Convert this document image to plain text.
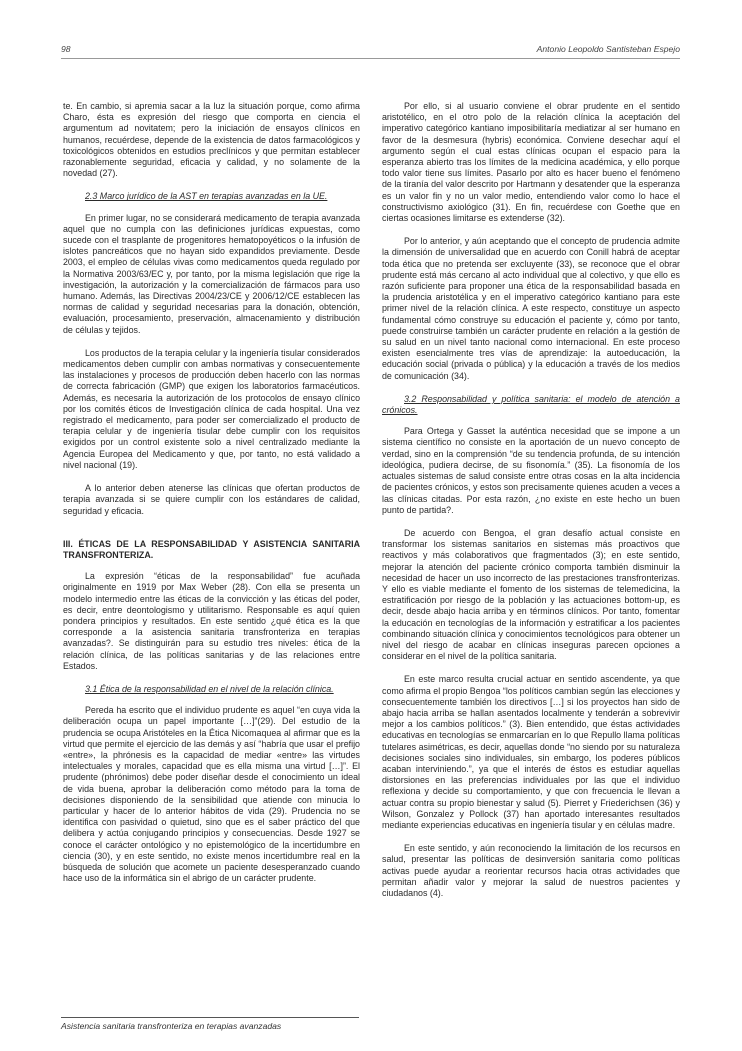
98	Antonio Leopoldo Santisteban Espejo

te. En cambio, si apremia sacar a la luz la situación porque, como afirma Charo, ésta es expresión del riesgo que comporta en ciencia el argumentum ad novitatem; pero la iniciación de ensayos clínicos en humanos, recuérdese, depende de la existencia de datos farmacológicos y toxicológicos obtenidos en estudios preclínicos y que permitan establecer razonablemente seguridad, eficacia y calidad, y no solamente de la novedad (27).

2.3 Marco jurídico de la AST en terapias avanzadas en la UE.

En primer lugar, no se considerará medicamento de terapia avanzada aquel que no cumpla con las definiciones jurídicas expuestas, como sucede con el trasplante de progenitores hematopoyéticos o la infusión de islotes pancreáticos que no hayan sido expandidos previamente. Desde 2003, el empleo de células vivas como medicamentos queda regulado por la Normativa 2003/63/EC y, por tanto, por la misma legislación que rige la investigación, la autorización y la comercialización de fármacos para uso humano. Además, las Directivas 2004/23/CE y 2006/12/CE establecen las normas de calidad y seguridad necesarias para la donación, obtención, evaluación, procesamiento, preservación, almacenamiento y distribución de células y tejidos.

Los productos de la terapia celular y la ingeniería tisular considerados medicamentos deben cumplir con ambas normativas y consecuentemente las instalaciones y procesos de producción deben hacerlo con las normas de correcta fabricación (GMP) que exigen los laboratorios farmacéuticos. Además, es necesaria la autorización de los protocolos de ensayo clínico por los comités éticos de Investigación clínica de cada hospital. Una vez registrado el medicamento, para poder ser comercializado el producto de terapia celular y de ingeniería tisular debe cumplir con los requisitos exigidos por un control existente solo a nivel centralizado mediante la Agencia Europea del Medicamento y que, por tanto, no está validado a nivel nacional (19).

A lo anterior deben atenerse las clínicas que ofertan productos de terapia avanzada si se quiere cumplir con los estándares de calidad, seguridad y eficacia.

III. ÉTICAS DE LA RESPONSABILIDAD Y ASISTENCIA SANITARIA TRANSFRONTERIZA.

La expresión “éticas de la responsabilidad” fue acuñada originalmente en 1919 por Max Weber (28). Con ella se presenta un modelo intermedio entre las éticas de la convicción y las éticas del poder, es decir, entre deontologismo y utilitarismo. Responsable es aquí quien pondera principios y resultados. En este sentido ¿qué ética es la que corresponde a la asistencia sanitaria transfronteriza en terapias avanzadas?. Se distinguirán para su estudio tres niveles: ética de la relación clínica, de las políticas sanitarias y de las relaciones entre Estados.

3.1 Ética de la responsabilidad en el nivel de la relación clínica.

Pereda ha escrito que el individuo prudente es aquel “en cuya vida la deliberación ocupa un papel importante […]”(29). Del estudio de la prudencia se ocupa Aristóteles en la Ética Nicomaquea al afirmar que es la virtud que permite el ejercicio de las demás y así “habría que usar el prefijo «entre», la phrónesis es la capacidad de mediar «entre» las virtudes intelectuales y morales, capacidad que es ella misma una virtud […]”. El prudente (phrónimos) debe poder diseñar desde el conocimiento un ideal de vida buena, aprobar la deliberación como método para la toma de decisiones disponiendo de la sensibilidad que atiende con minucia lo particular y hacer de lo anterior hábitos de vida (29). Prudencia no se identifica con pasividad o quietud, sino que es el saber práctico del que delibera y actúa conjugando principios y consecuencias. Desde 1927 se conoce el carácter ontológico y no epistemológico de la incertidumbre en ciencia (30), y en este sentido, no existe menos incertidumbre real en la búsqueda de solución que acomete un paciente desesperanzado cuando hace uso de la informática sin el abrigo de un carácter prudente.

Por ello, si al usuario conviene el obrar prudente en el sentido aristotélico, en el otro polo de la relación clínica la aceptación del imperativo categórico kantiano imposibilitaría mediatizar al ser humano en favor de la desmesura (hybris) económica. Conviene desechar aquí el argumento según el cual estas clínicas ocupan el espacio para la esperanza abierto tras los límites de la medicina académica, y ello porque todo valor tiene sus límites. Pasarlo por alto es hacer bueno el fenómeno de la tiranía del valor descrito por Hartmann y desatender que la esperanza es un valor fin y no un valor medio, entendiendo valor como lo hace el constructivismo axiológico (31). En fin, recuérdese con Goethe que en ciertas ocasiones limitarse es extenderse (32).

Por lo anterior, y aún aceptando que el concepto de prudencia admite la dimensión de universalidad que en acuerdo con Conill habrá de aceptar toda ética que no pretenda ser excluyente (33), se reconoce que el obrar prudente está más cercano al acto individual que al colectivo, y que ello es razón suficiente para proponer una ética de la responsabilidad basada en la prudencia aristotélica y en el imperativo categórico kantiano para este primer nivel de la relación clínica. A este respecto, constituye un aspecto fundamental cómo construye su educación el paciente y, cómo por tanto, puede construirse también un carácter prudente en relación a la gestión de su salud en un nivel tanto nacional como internacional. En este proceso existen esencialmente tres vías de aprendizaje: la autoeducación, la educación social (privada o pública) y la educación a través de los medios de comunicación (34).

3.2 Responsabilidad y política sanitaria: el modelo de atención a crónicos.

Para Ortega y Gasset la auténtica necesidad que se impone a un sistema científico no consiste en la aportación de un nuevo concepto de verdad, sino en la comprensión “de su tendencia profunda, de su intención ideológica, pudiera decirse, de su fisonomía.” (35). La fisonomía de los actuales sistemas de salud consiste entre otras cosas en la alta incidencia de pacientes crónicos, y estos son precisamente quienes acuden a veces a las clínicas citadas. Por esta razón, ¿no existe en este hecho un buen punto de partida?.

De acuerdo con Bengoa, el gran desafío actual consiste en transformar los sistemas sanitarios en sistemas más proactivos que reactivos y más colaborativos que fragmentados (3); en este sentido, mejorar la atención del paciente crónico comporta también disminuir la necesidad de hacer un uso incorrecto de las prestaciones transfronterizas. Y ello es viable mediante el fomento de los sistemas de telemedicina, la estratificación por riesgo de la población y las actuaciones bottom-up, es decir, desde abajo hacia arriba y en términos clínicos. Por tanto, fomentar la educación en tecnologías de la información y estratificar a los pacientes combinando situación clínica y conocimientos tecnológicos para obtener un nivel del riesgo de acabar en clínicas inseguras parecen opciones a considerar en el nivel de la política sanitaria.

En este marco resulta crucial actuar en sentido ascendente, ya que como afirma el propio Bengoa “los políticos cambian según las elecciones y consecuentemente también los directivos […] si los proyectos han sido de abajo hacia arriba se hallan asentados localmente y tenderán a sobrevivir mejor a los cambios políticos.” (3). Bien entendido, que éstas actividades educativas en tecnologías se enmarcarían en lo que Repullo llama políticas tutelares asimétricas, es decir, aquellas donde “no siendo por su naturaleza decisiones sociales sino individuales, sin embargo, los poderes públicos acaban interviniendo.”, ya que el interés de éstos es estudiar aquellas distorsiones en las preferencias individuales por las que el individuo reflexiona y decide su comportamiento, y que con frecuencia le llevan a actuar contra su propio bienestar y salud (5). Pierret y Friederichsen (36) y Wilson, Gonzalez y Pollock (37) han aportado interesantes resultados mediante experiencias educativas en ingeniería tisular y en células madre.

En este sentido, y aún reconociendo la limitación de los recursos en salud, presentar las políticas de desinversión sanitaria como políticas activas puede ayudar a reorientar recursos hacia otras actividades que permitan añadir valor y mejorar la salud de nuestros pacientes y ciudadanos (4).

Asistencia sanitaria transfronteriza en terapias avanzadas
